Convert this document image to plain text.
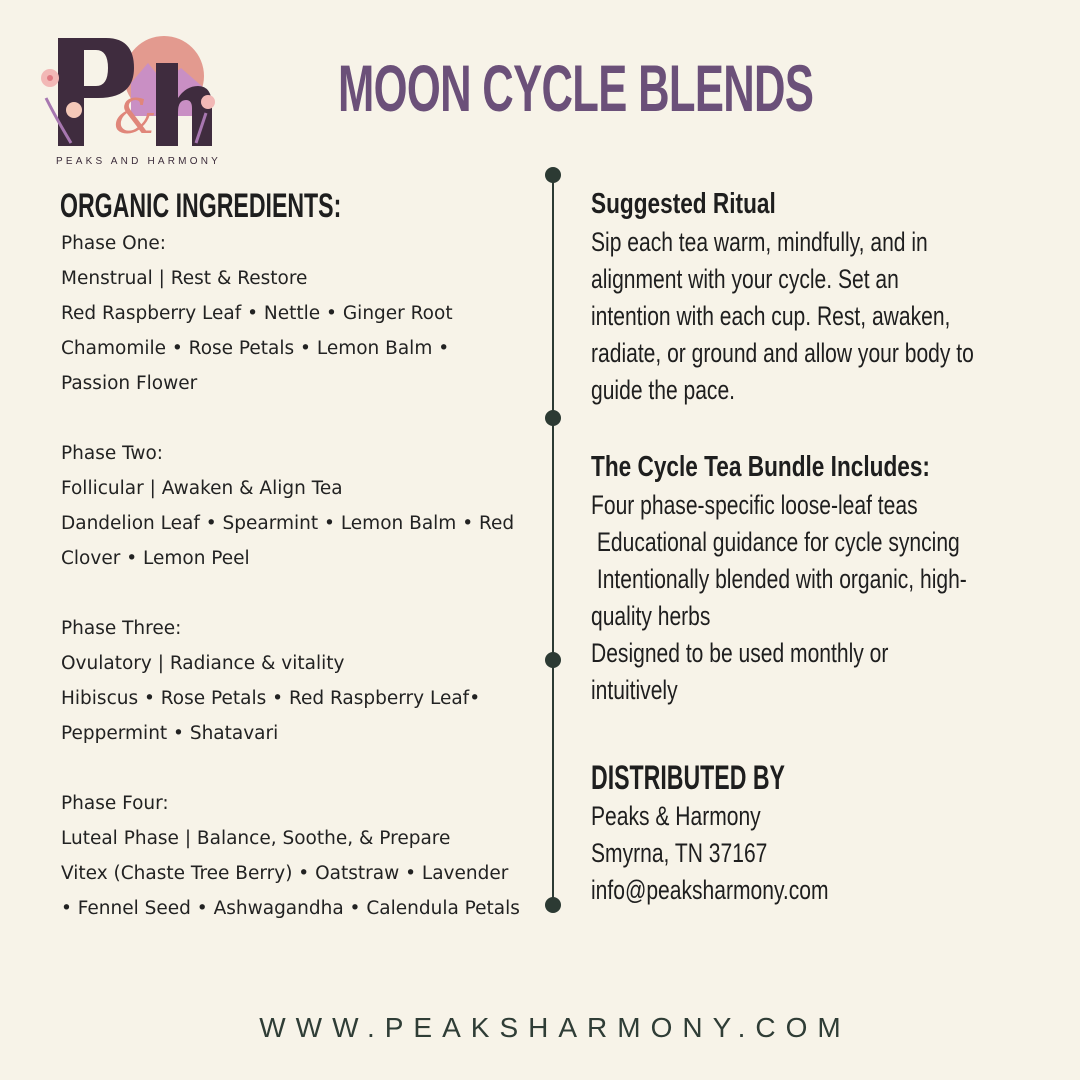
&
PEAKS AND HARMONY
MOON CYCLE BLENDS
ORGANIC INGREDIENTS:
Phase One:
Menstrual | Rest & Restore
Red Raspberry Leaf • Nettle • Ginger Root
Chamomile • Rose Petals • Lemon Balm •
Passion Flower
Phase Two:
Follicular | Awaken & Align Tea
Dandelion Leaf • Spearmint • Lemon Balm • Red
Clover • Lemon Peel
Phase Three:
Ovulatory | Radiance & vitality
Hibiscus • Rose Petals • Red Raspberry Leaf•
Peppermint • Shatavari
Phase Four:
Luteal Phase | Balance, Soothe, & Prepare
Vitex (Chaste Tree Berry) • Oatstraw • Lavender
• Fennel Seed • Ashwagandha • Calendula Petals
Suggested Ritual
Sip each tea warm, mindfully, and in
alignment with your cycle. Set an
intention with each cup. Rest, awaken,
radiate, or ground and allow your body to
guide the pace.
The Cycle Tea Bundle Includes:
Four phase-specific loose-leaf teas
Educational guidance for cycle syncing
Intentionally blended with organic, high-
quality herbs
Designed to be used monthly or
intuitively
DISTRIBUTED BY
Peaks & Harmony
Smyrna, TN 37167
info@peaksharmony.com
WWW.PEAKSHARMONY.COM
